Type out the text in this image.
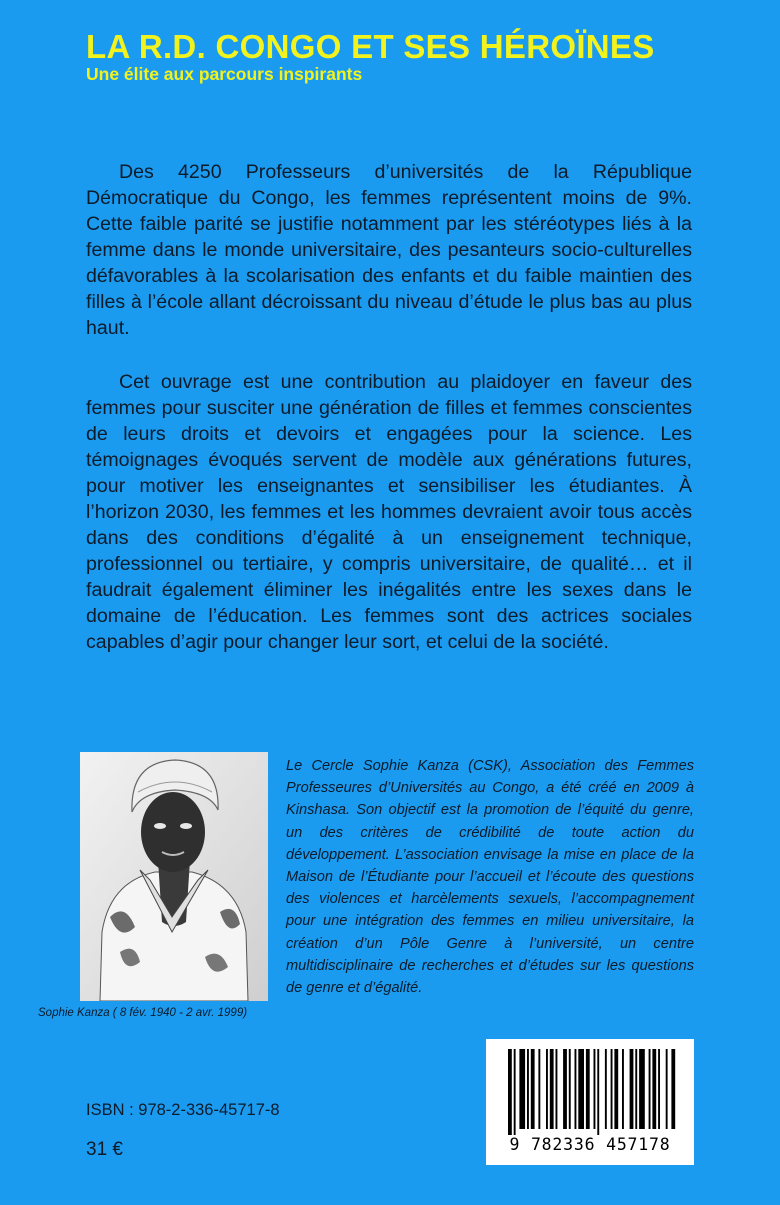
LA R.D. CONGO ET SES HÉROÏNES
Une élite aux parcours inspirants

Des 4250 Professeurs d’universités de la République Démocratique du Congo, les femmes représentent moins de 9%. Cette faible parité se justifie notamment par les stéréotypes liés à la femme dans le monde universitaire, des pesanteurs socio-culturelles défavorables à la scolarisation des enfants et du faible maintien des filles à l’école allant décroissant du niveau d’étude le plus bas au plus haut.

Cet ouvrage est une contribution au plaidoyer en faveur des femmes pour susciter une génération de filles et femmes conscientes de leurs droits et devoirs et engagées pour la science. Les témoignages évoqués servent de modèle aux générations futures, pour motiver les enseignantes et sensibiliser les étudiantes. À l’horizon 2030, les femmes et les hommes devraient avoir tous accès dans des conditions d’égalité à un enseignement technique, professionnel ou tertiaire, y compris universitaire, de qualité… et il faudrait également éliminer les inégalités entre les sexes dans le domaine de l’éducation. Les femmes sont des actrices sociales capables d’agir pour changer leur sort, et celui de la société.

Sophie Kanza ( 8 fév. 1940 - 2 avr. 1999)

Le Cercle Sophie Kanza (CSK), Association des Femmes Professeures d’Universités au Congo, a été créé en 2009 à Kinshasa. Son objectif est la promotion de l’équité du genre, un des critères de crédibilité de toute action du développement. L’association envisage la mise en place de la Maison de l’Étudiante pour l’accueil et l’écoute des questions des violences et harcèlements sexuels, l’accompagnement pour une intégration des femmes en milieu universitaire, la création d’un Pôle Genre à l’université, un centre multidisciplinaire de recherches et d’études sur les questions de genre et d’égalité.

ISBN : 978-2-336-45717-8
31 €	9 782336 457178
